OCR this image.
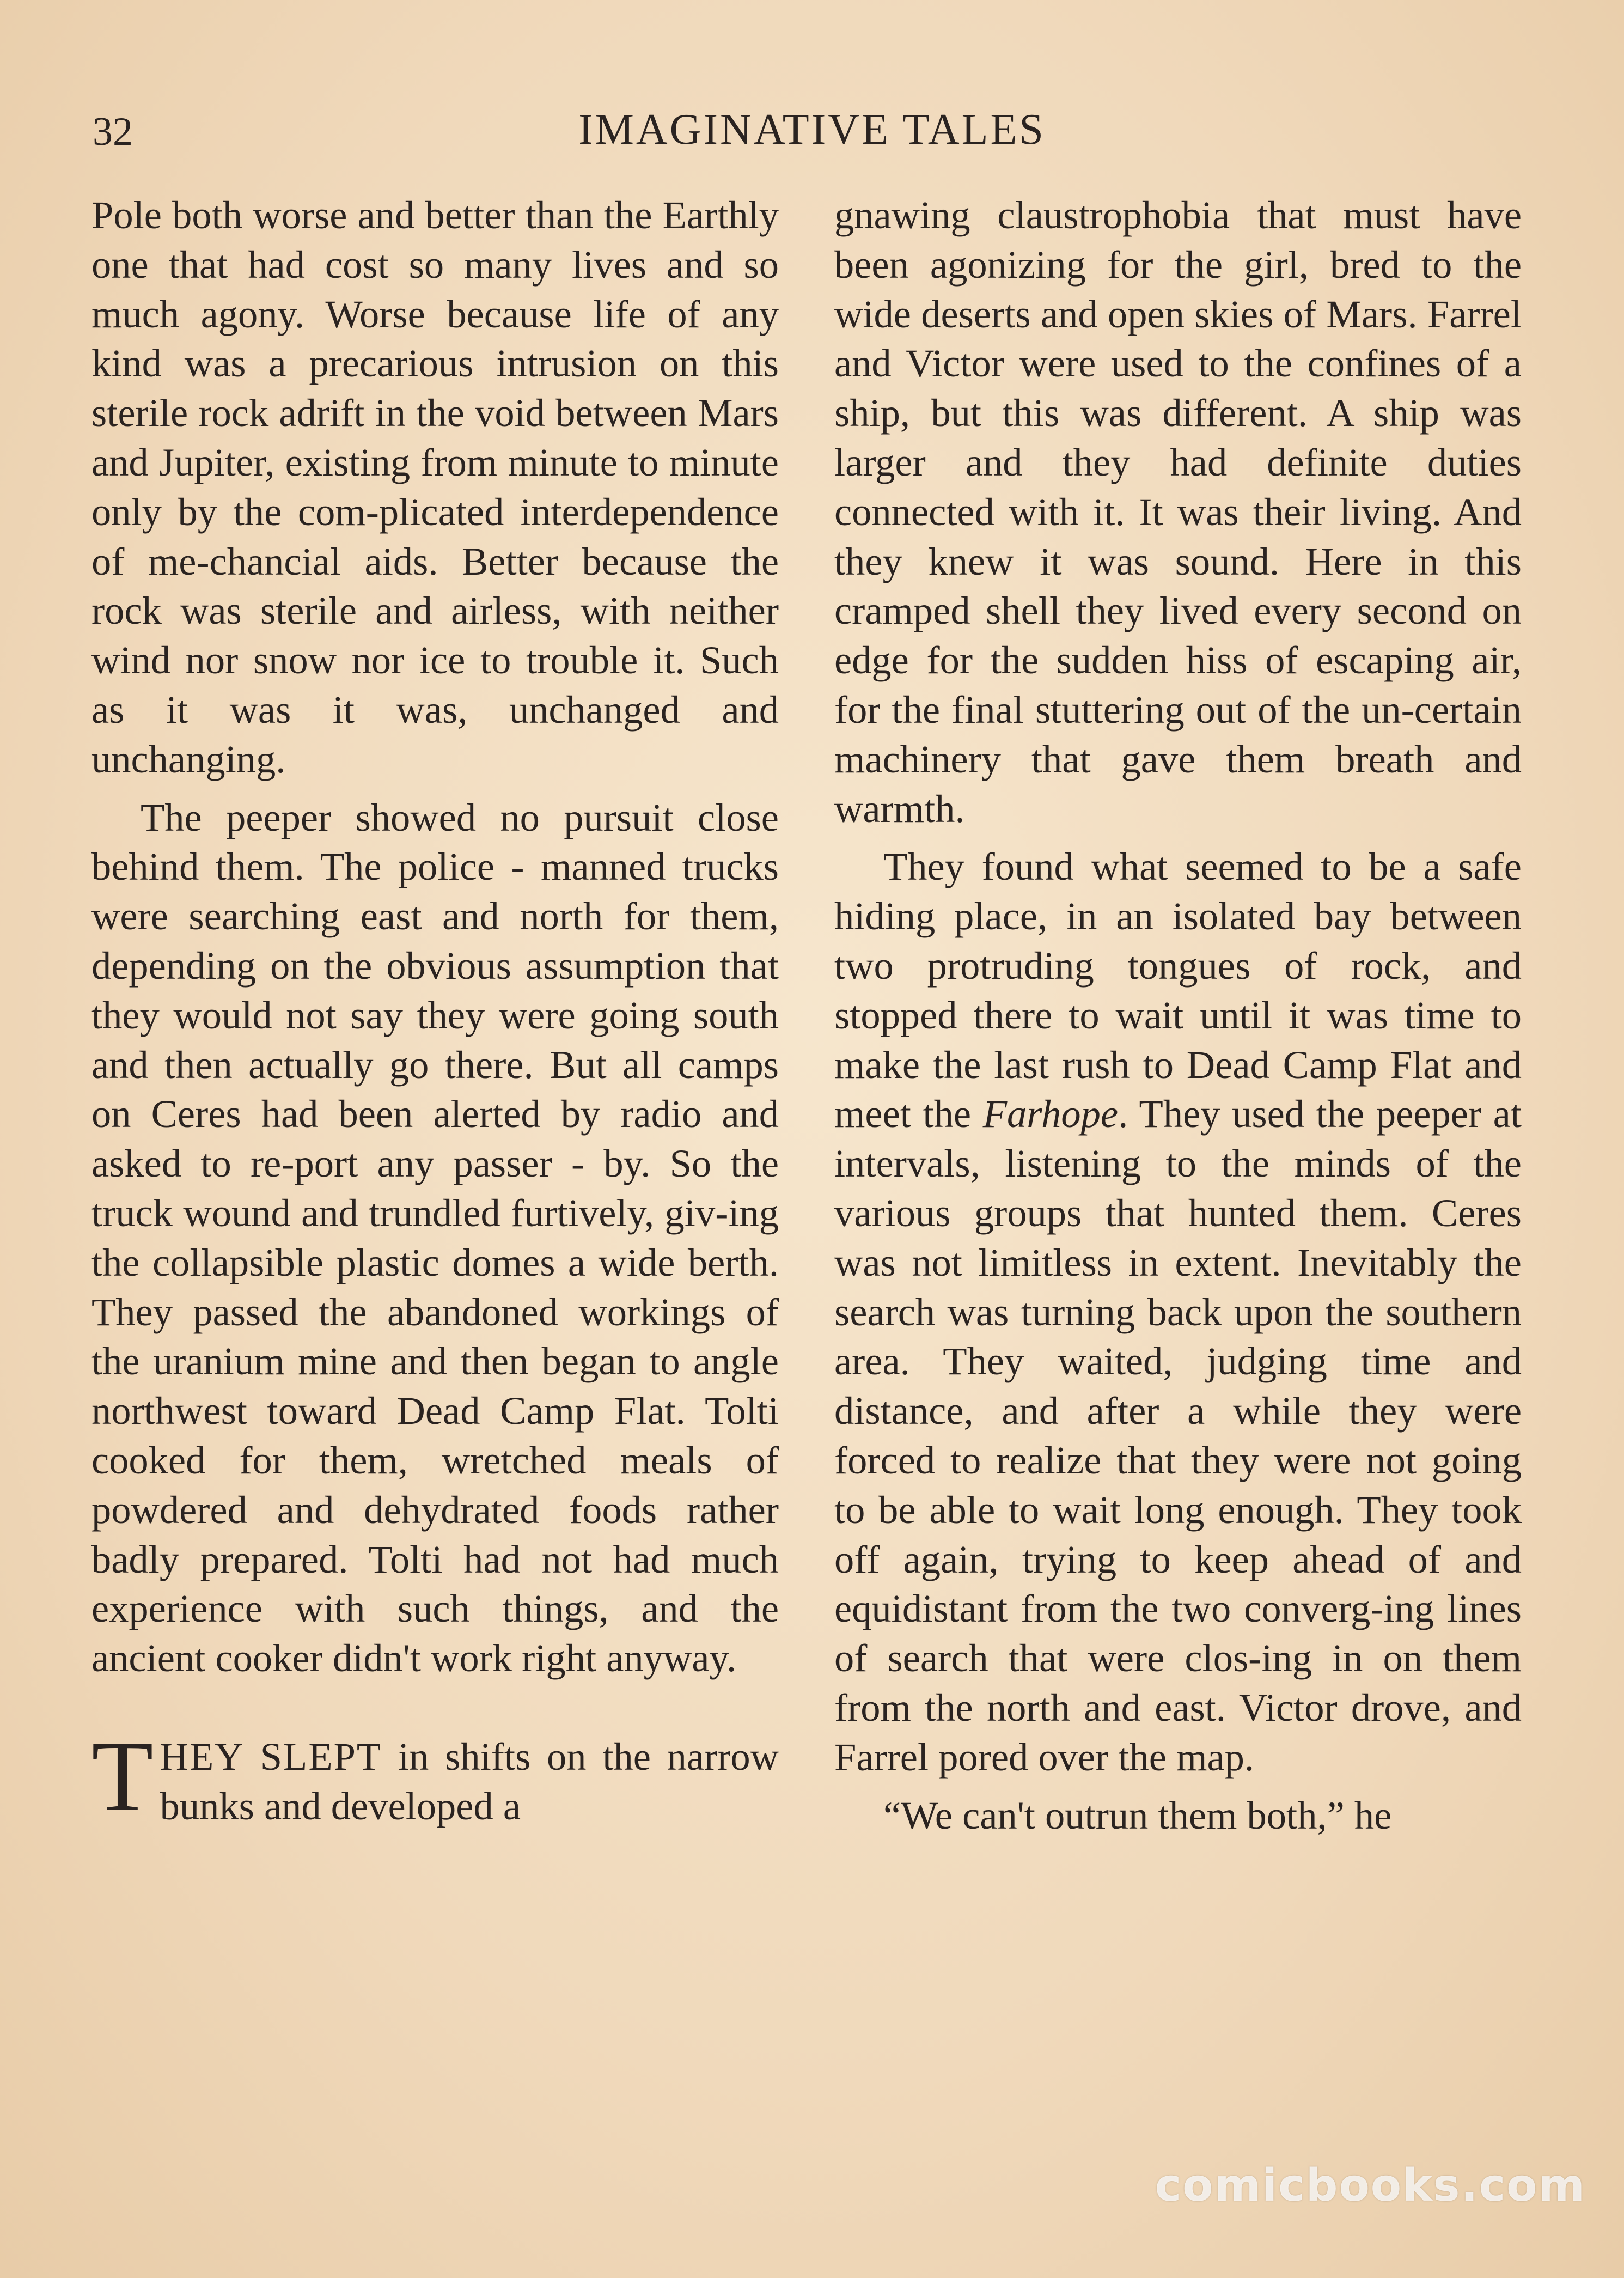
32	IMAGINATIVE TALES

Pole both worse and better than the Earthly one that had cost so many lives and so much agony. Worse because life of any kind was a precarious intrusion on this sterile rock adrift in the void between Mars and Jupiter, existing from minute to minute only by the com-plicated interdependence of me-chancial aids. Better because the rock was sterile and airless, with neither wind nor snow nor ice to trouble it. Such as it was it was, unchanged and unchanging.

The peeper showed no pursuit close behind them. The police - manned trucks were searching east and north for them, depending on the obvious assumption that they would not say they were going south and then actually go there. But all camps on Ceres had been alerted by radio and asked to re-port any passer - by. So the truck wound and trundled furtively, giv-ing the collapsible plastic domes a wide berth. They passed the abandoned workings of the uranium mine and then began to angle northwest toward Dead Camp Flat. Tolti cooked for them, wretched meals of powdered and dehydrated foods rather badly prepared. Tolti had not had much experience with such things, and the ancient cooker didn't work right anyway.

THEY SLEPT in shifts on the narrow bunks and developed a

gnawing claustrophobia that must have been agonizing for the girl, bred to the wide deserts and open skies of Mars. Farrel and Victor were used to the confines of a ship, but this was different. A ship was larger and they had definite duties connected with it. It was their living. And they knew it was sound. Here in this cramped shell they lived every second on edge for the sudden hiss of escaping air, for the final stuttering out of the un-certain machinery that gave them breath and warmth.

They found what seemed to be a safe hiding place, in an isolated bay between two protruding tongues of rock, and stopped there to wait until it was time to make the last rush to Dead Camp Flat and meet the Farhope. They used the peeper at intervals, listening to the minds of the various groups that hunted them. Ceres was not limitless in extent. Inevitably the search was turning back upon the southern area. They waited, judging time and distance, and after a while they were forced to realize that they were not going to be able to wait long enough. They took off again, trying to keep ahead of and equidistant from the two converg-ing lines of search that were clos-ing in on them from the north and east. Victor drove, and Farrel pored over the map.

“We can't outrun them both,” he

comicbooks.com
